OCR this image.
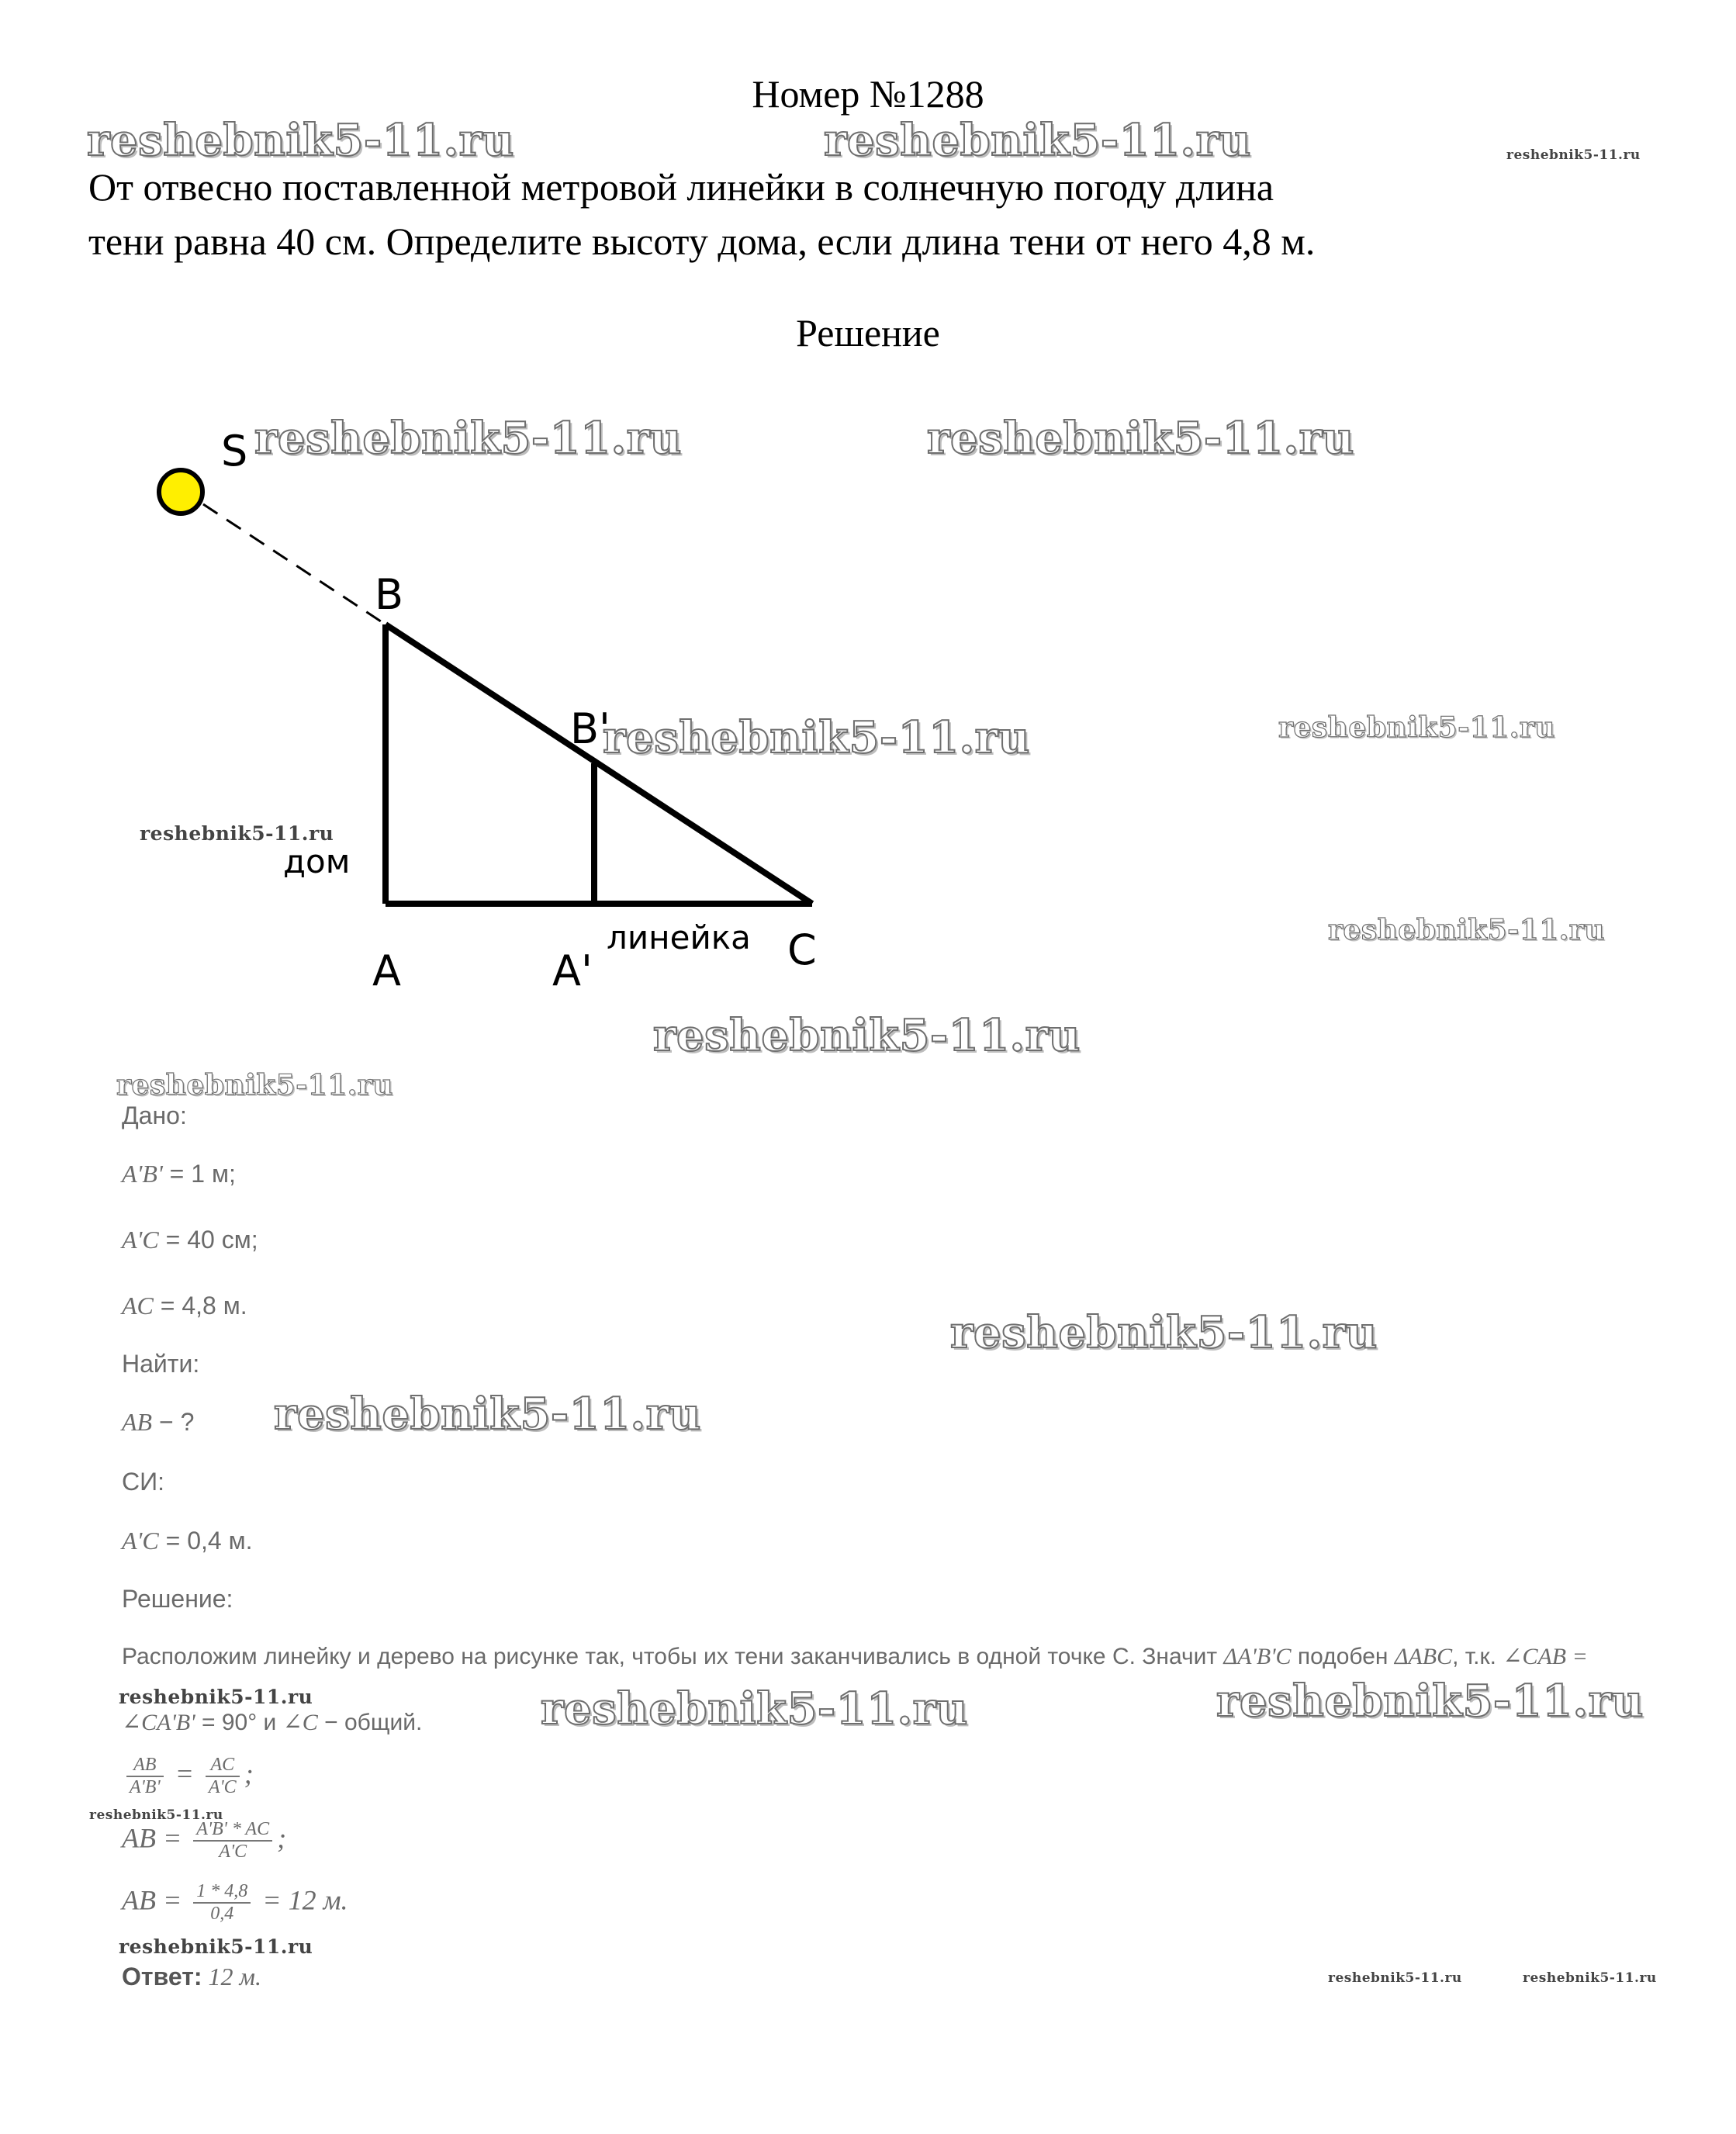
Номер №1288
От отвесно поставленной метровой линейки в солнечную погоду длина
тени равна 40 см. Определите высоту дома, если длина тени от него 4,8 м.
Решение
S
B
B'
A	A'	C
дом
линейка
reshebnik5-11.ru	reshebnik5-11.ru	reshebnik5-11.ru
reshebnik5-11.ru	reshebnik5-11.ru
reshebnik5-11.ru	reshebnik5-11.ru
reshebnik5-11.ru
reshebnik5-11.ru
reshebnik5-11.ru
reshebnik5-11.ru
reshebnik5-11.ru
reshebnik5-11.ru
reshebnik5-11.ru	reshebnik5-11.ru	reshebnik5-11.ru
reshebnik5-11.ru
reshebnik5-11.ru
reshebnik5-11.ru	reshebnik5-11.ru
Дано:
A'B' = 1 м;
A'C = 40 см;
AC = 4,8 м.
Найти:
AB − ?
СИ:
A'C = 0,4 м.
Решение:
Расположим линейку и дерево на рисунке так, чтобы их тени заканчивались в одной точке С. Значит ΔA'B'C подобен ΔABC, т.к. ∠CAB =
∠CA'B' = 90° и ∠C − общий.
$\frac{AB}{A'B'} = \frac{AC}{A'C}$ ;
AB = $\frac{A'B' * AC}{A'C}$ ;
AB = $\frac{1 * 4,8}{0,4} = 12$ м.
Ответ: 12 м.
